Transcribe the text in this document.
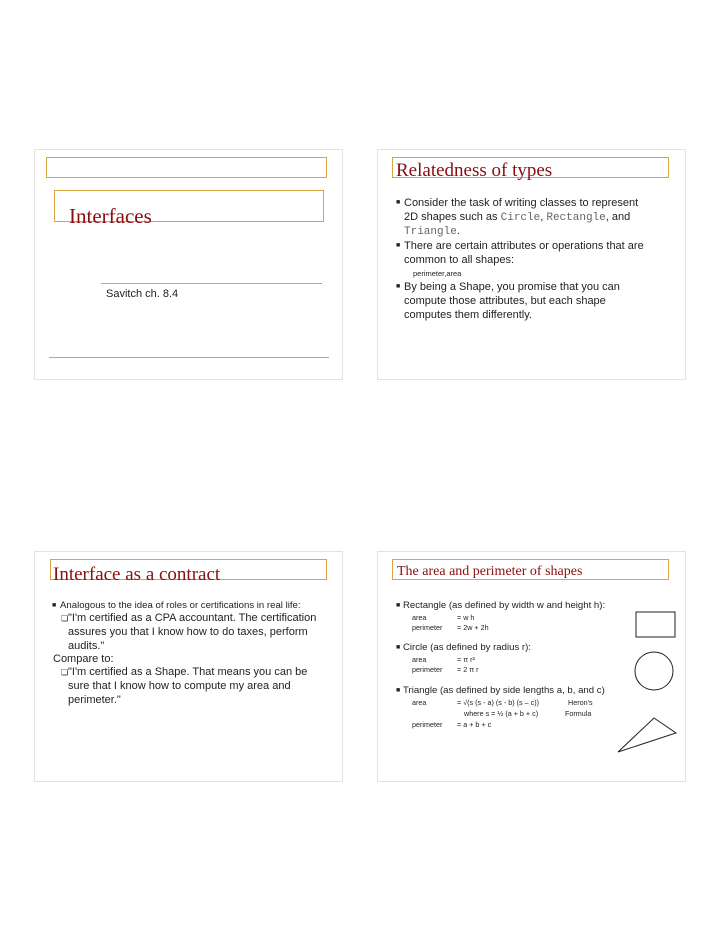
Interfaces
Savitch ch. 8.4
Relatedness of types
■ Consider the task of writing classes to represent
2D shapes such as Circle, Rectangle, and
Triangle.
■ There are certain attributes or operations that are
common to all shapes:
perimeter,area
■ By being a Shape, you promise that you can
compute those attributes, but each shape
computes them differently.
Interface as a contract
■ Analogous to the idea of roles or certifications in real life:
❏ "I'm certified as a CPA accountant. The certification
assures you that I know how to do taxes, perform
audits."
Compare to:
❏ "I'm certified as a Shape. That means you can be
sure that I know how to compute my area and
perimeter."
The area and perimeter of shapes
■ Rectangle (as defined by width w and height h):
area	= w h
perimeter = 2w + 2h
■ Circle (as defined by radius r):
area	= π r²
perimeter = 2 π r
■ Triangle (as defined by side lengths a, b, and c)
area	= √(s (s - a) (s - b) (s – c))	Heron's
where s = ½ (a + b + c)	Formula
perimeter = a + b + c
